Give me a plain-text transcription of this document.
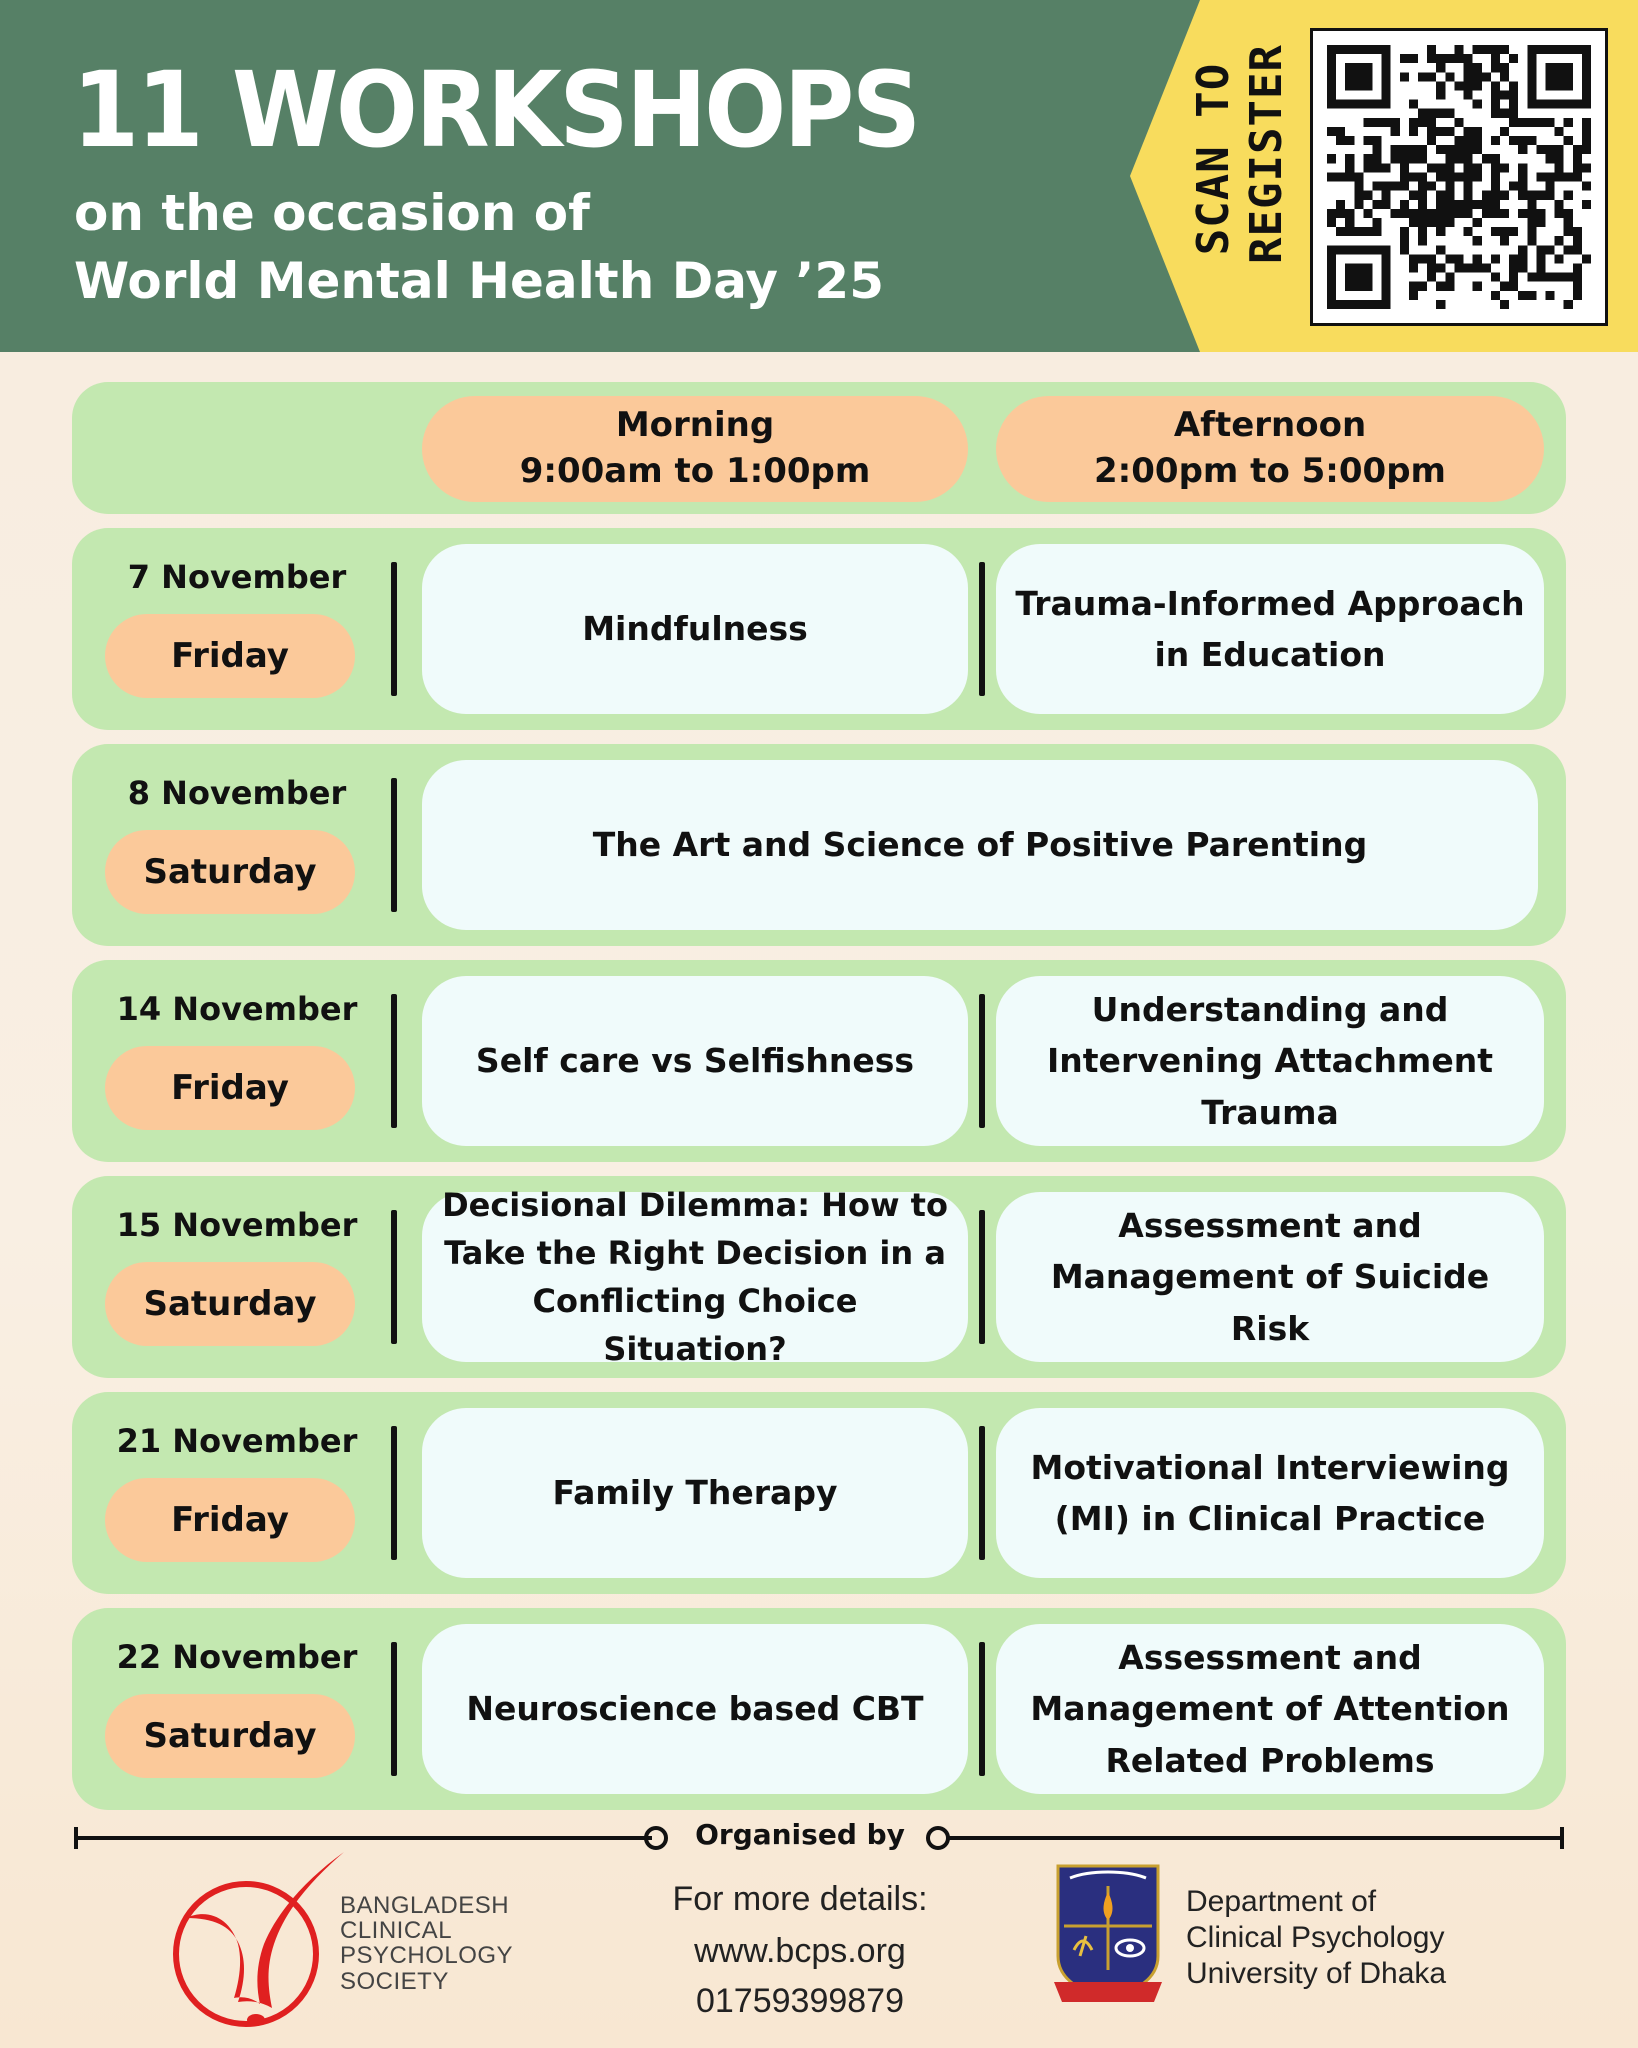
11 WORKSHOPS
on the occasion of
World Mental Health Day ’25
SCAN TO REGISTER
Morning
9:00am to 1:00pm
Afternoon
2:00pm to 5:00pm
7 November
Friday
Mindfulness
Trauma-Informed Approach in Education
8 November
Saturday
The Art and Science of Positive Parenting
14 November
Friday
Self care vs Selfishness
Understanding and Intervening Attachment Trauma
15 November
Saturday
Decisional Dilemma: How to Take the Right Decision in a Conflicting Choice Situation?
Assessment and Management of Suicide Risk
21 November
Friday
Family Therapy
Motivational Interviewing (MI) in Clinical Practice
22 November
Saturday
Neuroscience based CBT
Assessment and Management of Attention Related Problems
Organised by
BANGLADESH
CLINICAL
PSYCHOLOGY
SOCIETY
For more details:
www.bcps.org
01759399879
Department of
Clinical Psychology
University of Dhaka
